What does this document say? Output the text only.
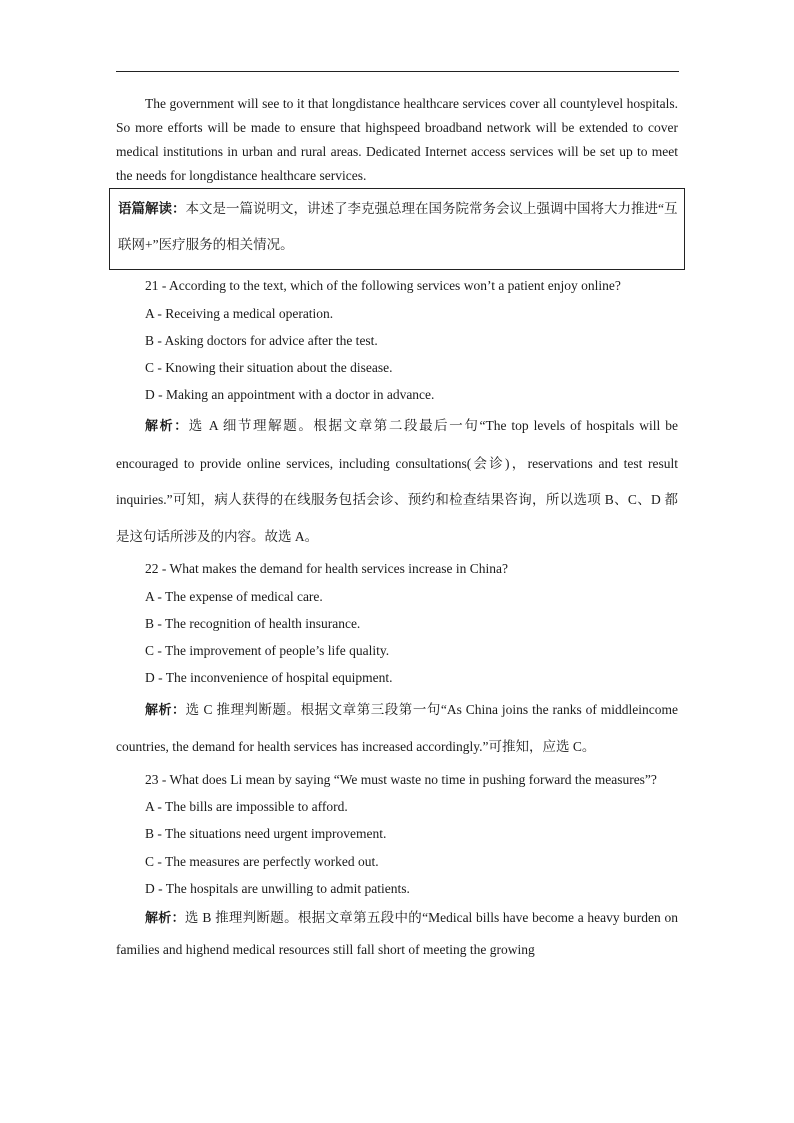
The government will see to it that longdistance healthcare services cover all countylevel hospitals. So more efforts will be made to ensure that highspeed broadband network will be extended to cover medical institutions in urban and rural areas. Dedicated Internet access services will be set up to meet the needs for longdistance healthcare services.

语篇解读：本文是一篇说明文，讲述了李克强总理在国务院常务会议上强调中国将大力推进“互联网+”医疗服务的相关情况。

21 - According to the text, which of the following services won’t a patient enjoy online?

A - Receiving a medical operation.

B - Asking doctors for advice after the test.

C - Knowing their situation about the disease.

D - Making an appointment with a doctor in advance.

解析：选 A 细节理解题。根据文章第二段最后一句“The top levels of hospitals will be encouraged to provide online services, including consultations(会诊)，reservations and test result inquiries.”可知，病人获得的在线服务包括会诊、预约和检查结果咨询，所以选项 B、C、D 都是这句话所涉及的内容。故选 A。

22 - What makes the demand for health services increase in China?

A - The expense of medical care.

B - The recognition of health insurance.

C - The improvement of people’s life quality.

D - The inconvenience of hospital equipment.

解析：选 C 推理判断题。根据文章第三段第一句“As China joins the ranks of middleincome countries, the demand for health services has increased accordingly.”可推知，应选 C。

23 - What does Li mean by saying “We must waste no time in pushing forward the measures”?

A - The bills are impossible to afford.

B - The situations need urgent improvement.

C - The measures are perfectly worked out.

D - The hospitals are unwilling to admit patients.

解析：选 B 推理判断题。根据文章第五段中的“Medical bills have become a heavy burden on families and highend medical resources still fall short of meeting the growing
